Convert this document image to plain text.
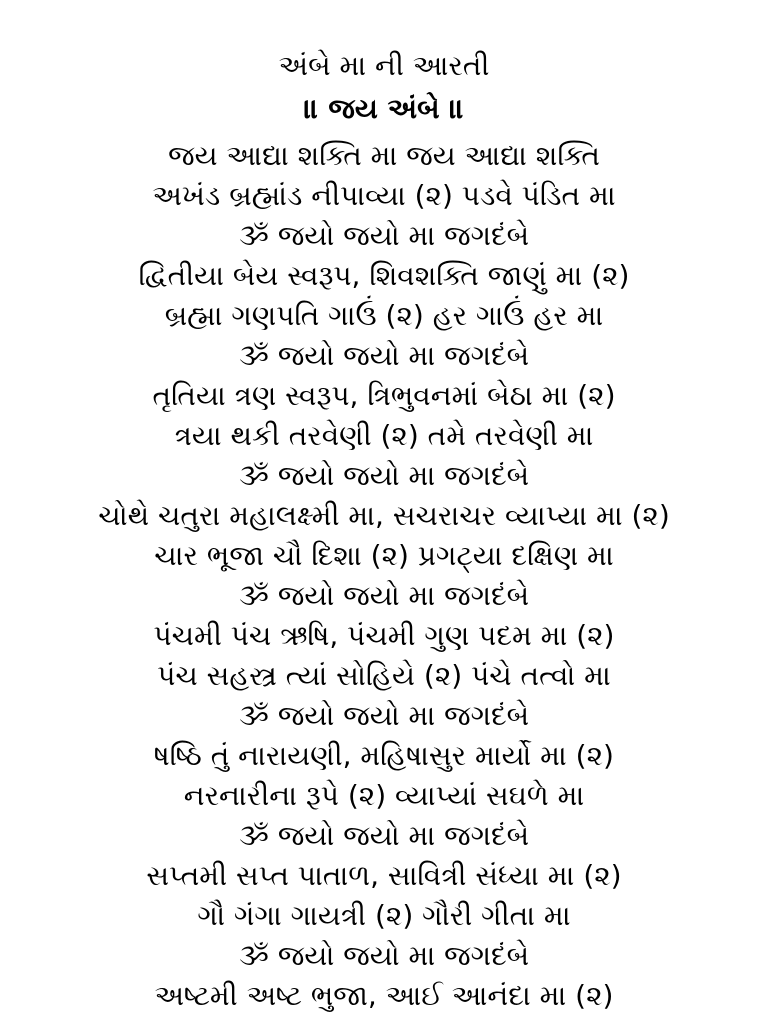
અંબે મા ની આરતી
॥ જય અંબે ॥
જય આદ્યા શક્તિ મા જય આદ્યા શક્તિ
અખંડ બ્રહ્માંડ નીપાવ્યા (૨) પડવે પંડિત મા
ૐ જયો જયો મા જગદંબે
દ્વિતીયા બેય સ્વરૂપ, શિવશક્તિ જાણું મા (૨)
બ્રહ્મા ગણપતિ ગાઉં (૨) હર ગાઉં હર મા
ૐ જયો જયો મા જગદંબે
તૃતિયા ત્રણ સ્વરૂપ, ત્રિભુવનમાં બેઠા મા (૨)
ત્રયા થકી તરવેણી (૨) તમે તરવેણી મા
ૐ જયો જયો મા જગદંબે
ચોથે ચતુરા મહાલક્ષ્મી મા, સચરાચર વ્યાપ્યા મા (૨)
ચાર ભૂજા ચૌ દિશા (૨) પ્રગટ્યા દક્ષિણ મા
ૐ જયો જયો મા જગદંબે
પંચમી પંચ ઋષિ, પંચમી ગુણ પદમ મા (૨)
પંચ સહસ્ત્ર ત્યાં સોહિયે (૨) પંચે તત્વો મા
ૐ જયો જયો મા જગદંબે
ષષ્ઠિ તું નારાયણી, મહિષાસુર માર્યો મા (૨)
નરનારીના રૂપે (૨) વ્યાપ્યાં સઘળે મા
ૐ જયો જયો મા જગદંબે
સપ્તમી સપ્ત પાતાળ, સાવિત્રી સંધ્યા મા (૨)
ગૌ ગંગા ગાયત્રી (૨) ગૌરી ગીતા મા
ૐ જયો જયો મા જગદંબે
અષ્ટમી અષ્ટ ભુજા, આઈ આનંદા મા (૨)
